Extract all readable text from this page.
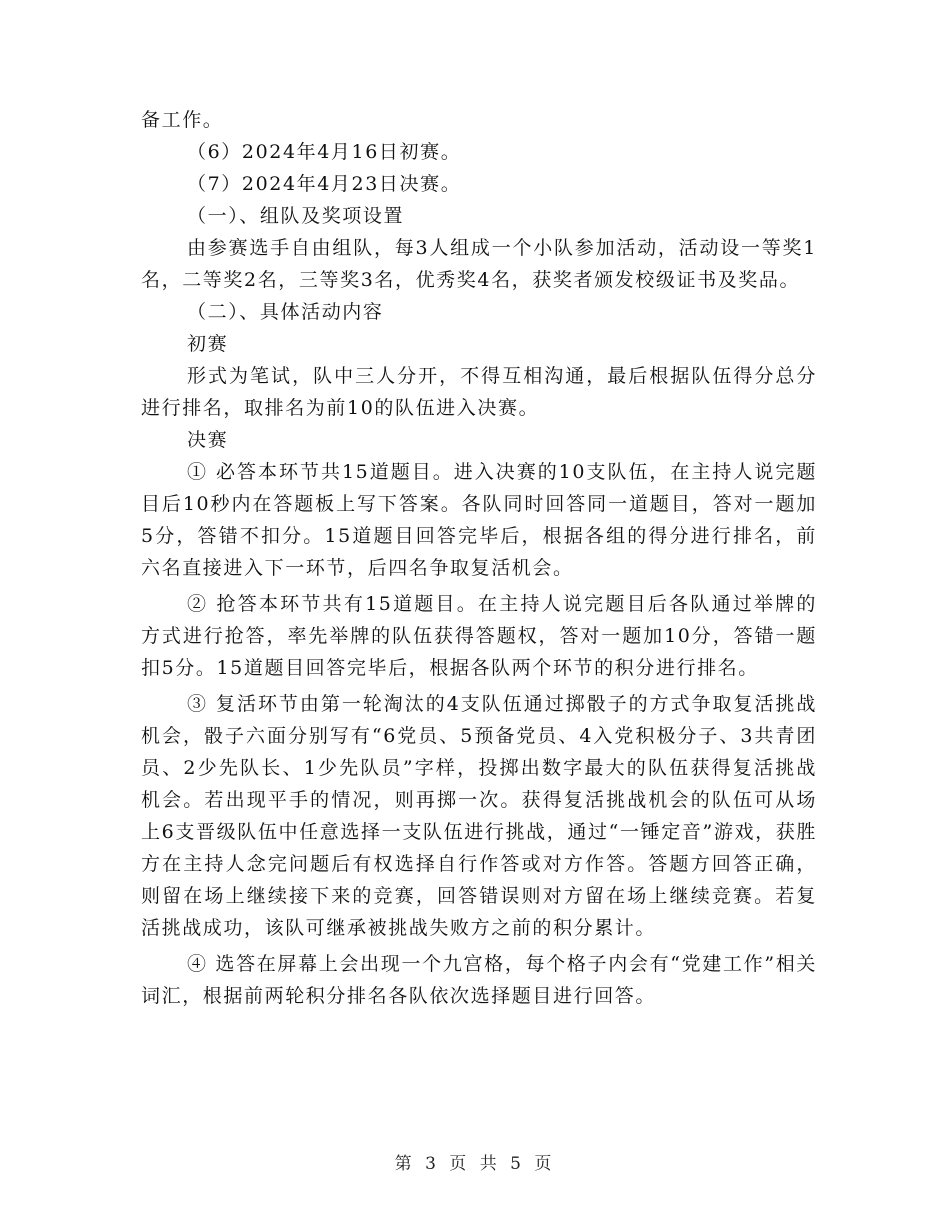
备工作。

（6）2024年4月16日初赛。

（7）2024年4月23日决赛。

（一）、组队及奖项设置

由参赛选手自由组队，每3人组成一个小队参加活动，活动设一等奖1名，二等奖2名，三等奖3名，优秀奖4名，获奖者颁发校级证书及奖品。

（二）、具体活动内容

初赛

形式为笔试，队中三人分开，不得互相沟通，最后根据队伍得分总分进行排名，取排名为前10的队伍进入决赛。

决赛

① 必答本环节共15道题目。进入决赛的10支队伍，在主持人说完题目后10秒内在答题板上写下答案。各队同时回答同一道题目，答对一题加5分，答错不扣分。15道题目回答完毕后，根据各组的得分进行排名，前六名直接进入下一环节，后四名争取复活机会。

② 抢答本环节共有15道题目。在主持人说完题目后各队通过举牌的方式进行抢答，率先举牌的队伍获得答题权，答对一题加10分，答错一题扣5分。15道题目回答完毕后，根据各队两个环节的积分进行排名。

③ 复活环节由第一轮淘汰的4支队伍通过掷骰子的方式争取复活挑战机会，骰子六面分别写有“6党员、5预备党员、4入党积极分子、3共青团员、2少先队长、1少先队员”字样，投掷出数字最大的队伍获得复活挑战机会。若出现平手的情况，则再掷一次。获得复活挑战机会的队伍可从场上6支晋级队伍中任意选择一支队伍进行挑战，通过“一锤定音”游戏，获胜方在主持人念完问题后有权选择自行作答或对方作答。答题方回答正确，则留在场上继续接下来的竞赛，回答错误则对方留在场上继续竞赛。若复活挑战成功，该队可继承被挑战失败方之前的积分累计。

④ 选答在屏幕上会出现一个九宫格，每个格子内会有“党建工作”相关词汇，根据前两轮积分排名各队依次选择题目进行回答。

第 3 页 共 5 页
